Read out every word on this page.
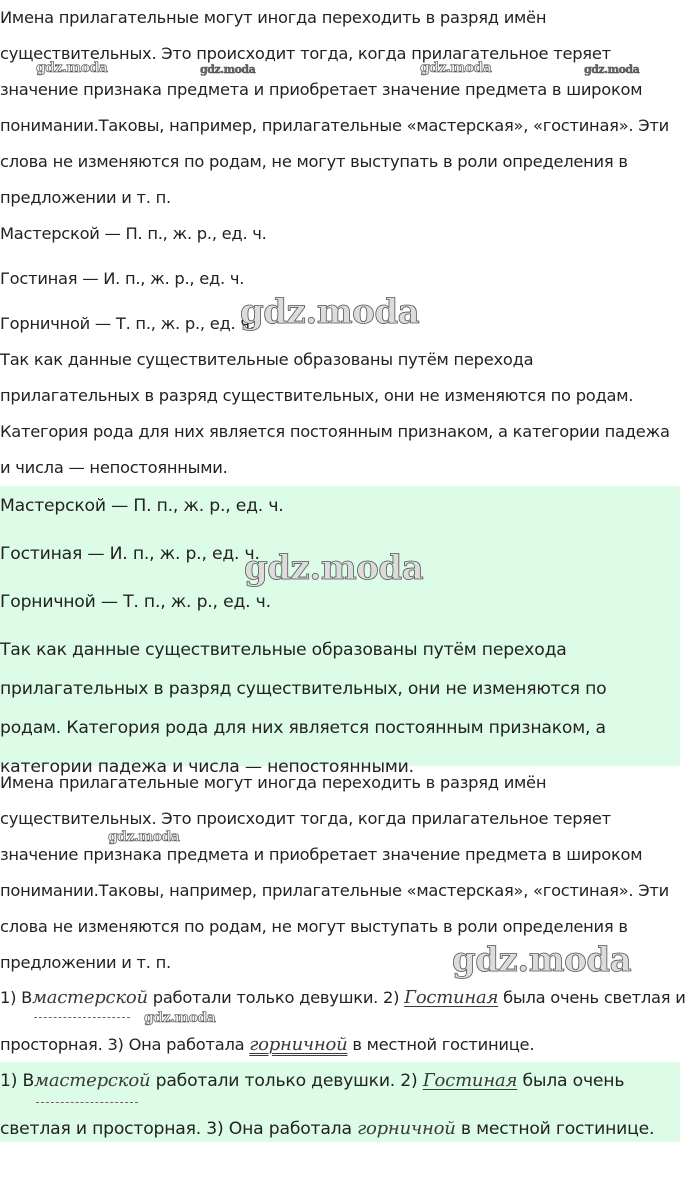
Имена прилагательные могут иногда переходить в разряд имён
существительных. Это происходит тогда, когда прилагательное теряет
значение признака предмета и приобретает значение предмета в широком
понимании.Таковы, например, прилагательные «мастерская», «гостиная». Эти
слова не изменяются по родам, не могут выступать в роли определения в
предложении и т. п.
Мастерской — П. п., ж. р., ед. ч.
Гостиная — И. п., ж. р., ед. ч.
Горничной — Т. п., ж. р., ед. ч.
Так как данные существительные образованы путём перехода
прилагательных в разряд существительных, они не изменяются по родам.
Категория рода для них является постоянным признаком, а категории падежа
и числа — непостоянными.
Мастерской — П. п., ж. р., ед. ч.
Гостиная — И. п., ж. р., ед. ч.
Горничной — Т. п., ж. р., ед. ч.
Так как данные существительные образованы путём перехода
прилагательных в разряд существительных, они не изменяются по
родам. Категория рода для них является постоянным признаком, а
категории падежа и числа — непостоянными.
Имена прилагательные могут иногда переходить в разряд имён
существительных. Это происходит тогда, когда прилагательное теряет
значение признака предмета и приобретает значение предмета в широком
понимании.Таковы, например, прилагательные «мастерская», «гостиная». Эти
слова не изменяются по родам, не могут выступать в роли определения в
предложении и т. п.
1) Вмастерской работали только девушки. 2) Гостиная была очень светлая и
просторная. 3) Она работала горничной в местной гостинице.
1) Вмастерской работали только девушки. 2) Гостиная была очень
светлая и просторная. 3) Она работала горничной в местной гостинице.
gdz.moda	gdz.moda	gdz.moda	gdz.moda
gdz.moda
gdz.moda
gdz.moda
gdz.moda
gdz.moda
